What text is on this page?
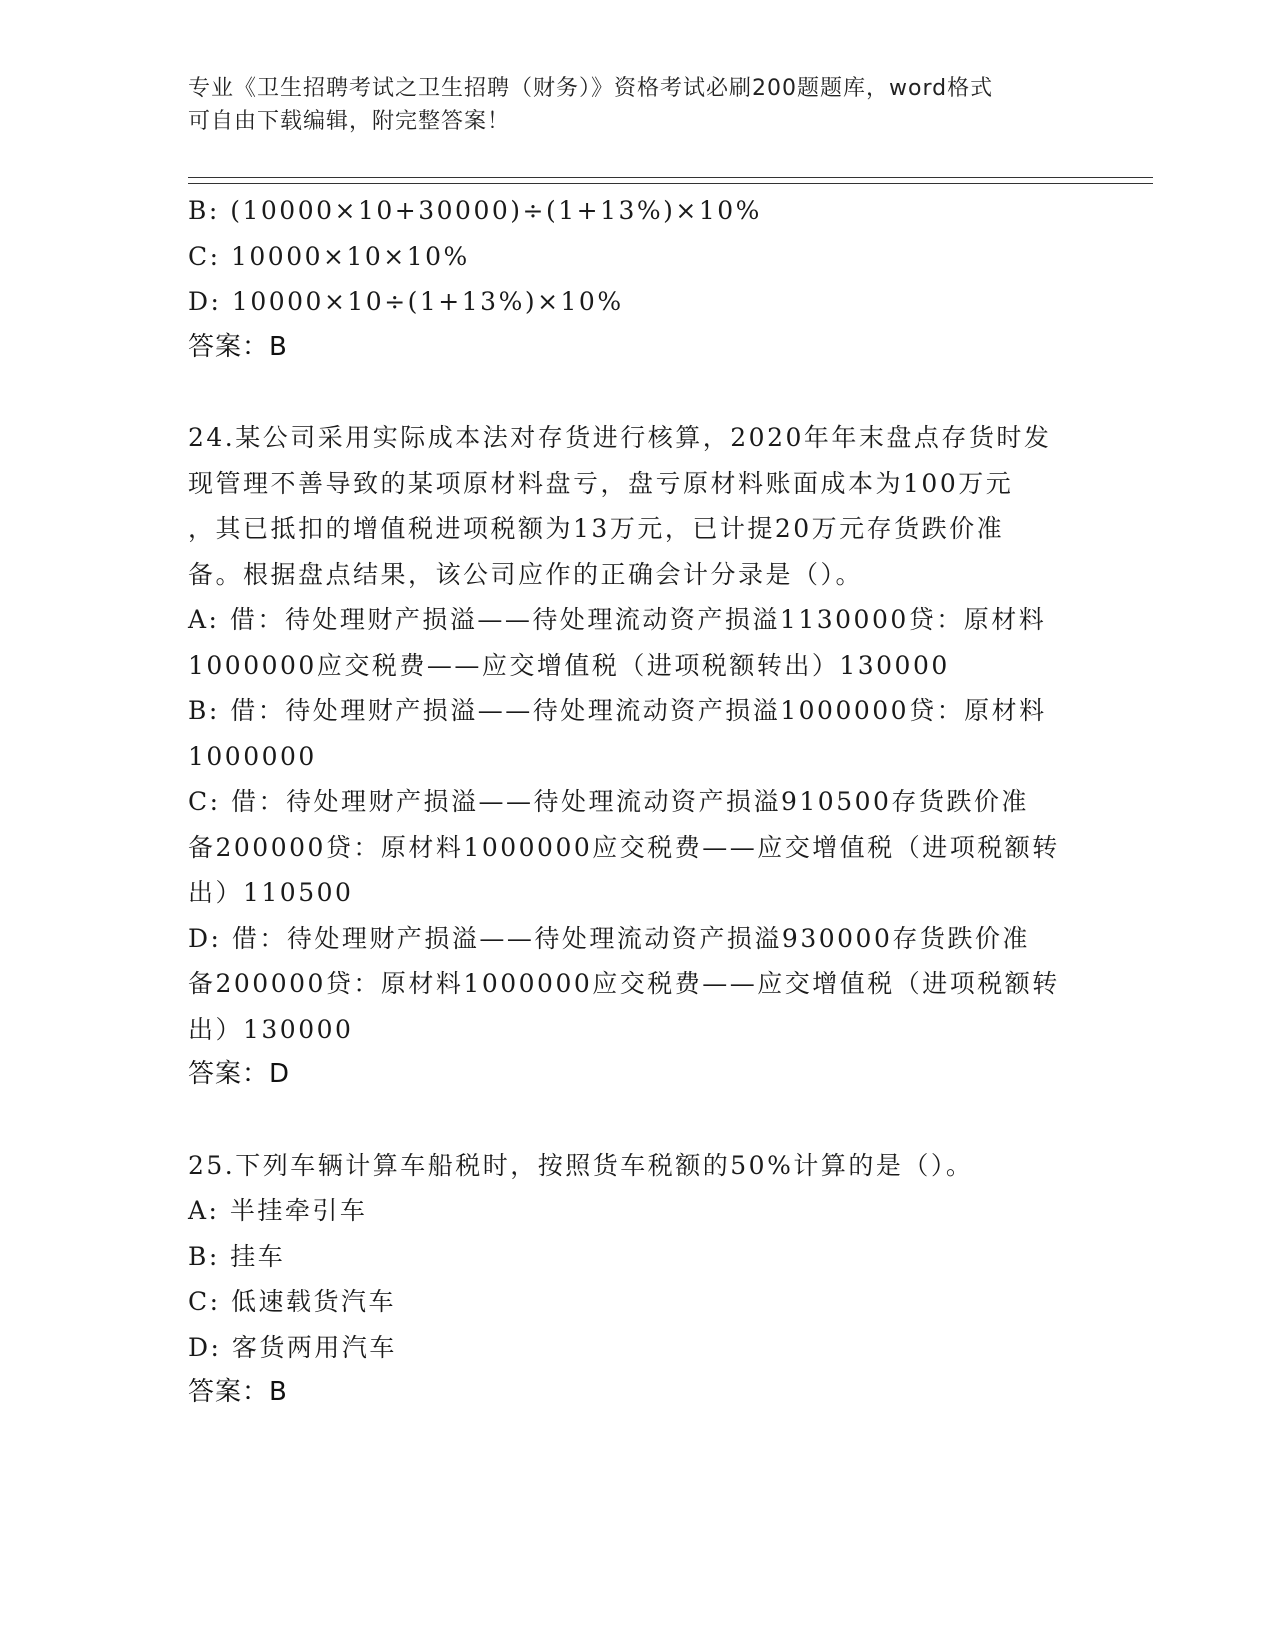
专业《卫生招聘考试之卫生招聘（财务）》资格考试必刷200题题库，word格式
可自由下载编辑，附完整答案！
B: (10000×10+30000)÷(1+13%)×10%
C: 10000×10×10%
D: 10000×10÷(1+13%)×10%
答案：B
24.某公司采用实际成本法对存货进行核算，2020年年末盘点存货时发
现管理不善导致的某项原材料盘亏，盘亏原材料账面成本为100万元
，其已抵扣的增值税进项税额为13万元，已计提20万元存货跌价准
备。根据盘点结果，该公司应作的正确会计分录是（）。
A: 借：待处理财产损溢——待处理流动资产损溢1130000贷：原材料
1000000应交税费——应交增值税（进项税额转出）130000
B: 借：待处理财产损溢——待处理流动资产损溢1000000贷：原材料
1000000
C: 借：待处理财产损溢——待处理流动资产损溢910500存货跌价准
备200000贷：原材料1000000应交税费——应交增值税（进项税额转
出）110500
D: 借：待处理财产损溢——待处理流动资产损溢930000存货跌价准
备200000贷：原材料1000000应交税费——应交增值税（进项税额转
出）130000
答案：D
25.下列车辆计算车船税时，按照货车税额的50%计算的是（）。
A: 半挂牵引车
B: 挂车
C: 低速载货汽车
D: 客货两用汽车
答案：B
